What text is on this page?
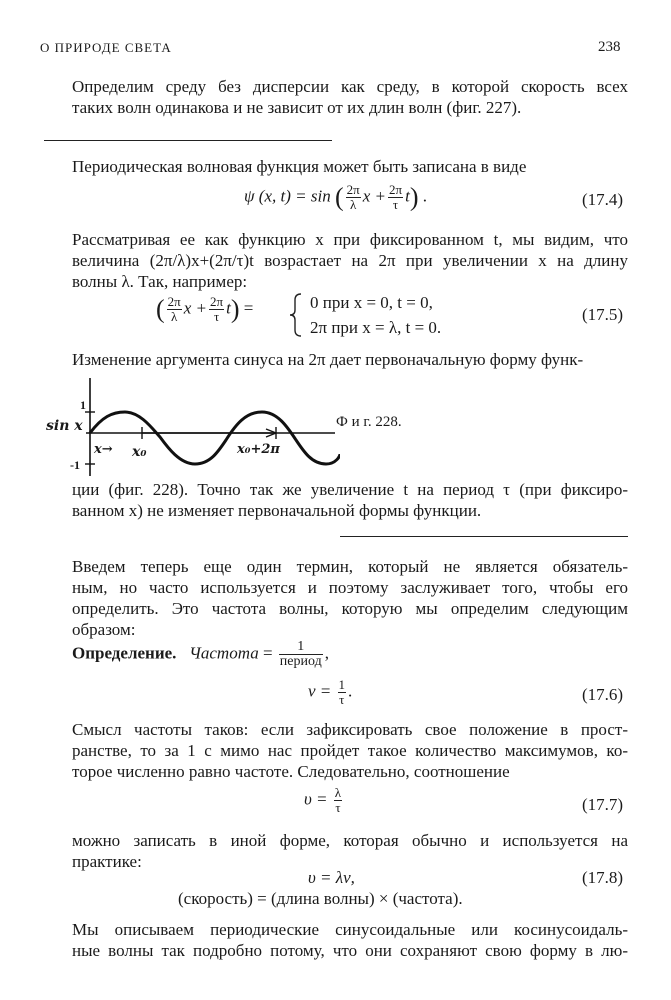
О ПРИРОДЕ СВЕТА	238
Определим среду без дисперсии как среду, в которой скорость всех
таких волн одинакова и не зависит от их длин волн (фиг. 227).
Периодическая волновая функция может быть записана в виде
ψ (x, t) = sin ( $\frac{2\pi}{\lambda}$ $x + \frac{2\pi}{\tau} t$) .	(17.4)
Рассматривая ее как функцию x при фиксированном t, мы видим, что
величина (2π/λ)x+(2π/τ)t возрастает на 2π при увеличении x на длину
волны λ. Так, например:
( $\frac{2\pi}{\lambda}$ $x + \frac{2\pi}{\tau} t$) =	0 при x = 0, t = 0,
2π при x = λ, t = 0.
(17.5)
Изменение аргумента синуса на 2π дает первоначальную форму функ-
sin x
1
-1
x→ x₀	x₀+2π
Ф и г. 228.
ции (фиг. 228). Точно так же увеличение t на период τ (при фиксиро-
ванном x) не изменяет первоначальной формы функции.
Введем теперь еще один термин, который не является обязатель-
ным, но часто используется и поэтому заслуживает того, чтобы его
определить. Это частота волны, которую мы определим следующим
образом:
Определение. Частота = $\frac{1}{\text{период}}$ ,
$\nu = \frac{1}{\tau}$ .	(17.6)
Смысл частоты таков: если зафиксировать свое положение в прост-
ранстве, то за 1 с мимо нас пройдет такое количество максимумов, ко-
торое численно равно частоте. Следовательно, соотношение
$\upsilon = \frac{\lambda}{\tau}$	(17.7)
можно записать в иной форме, которая обычно и используется на
практике:
υ = λν,	(17.8)
(скорость) = (длина волны) × (частота).
Мы описываем периодические синусоидальные или косинусоидаль-
ные волны так подробно потому, что они сохраняют свою форму в лю-
